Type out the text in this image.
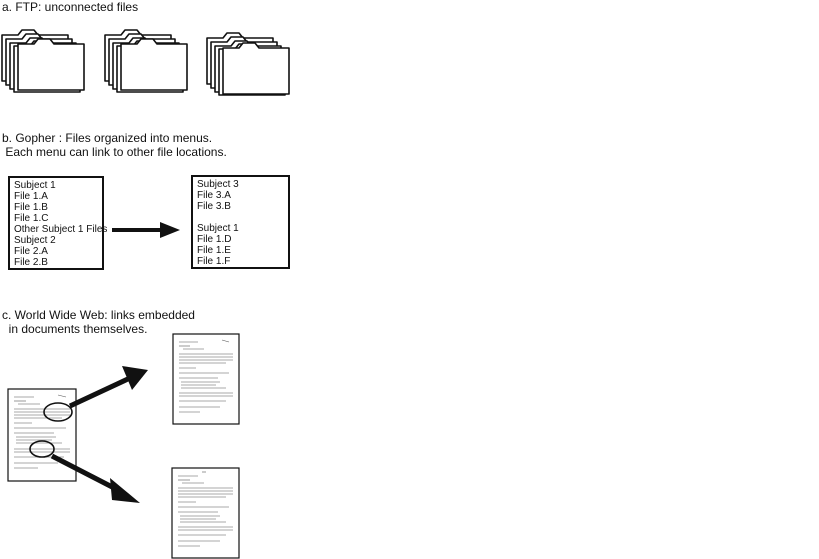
a. FTP: unconnected files
b. Gopher : Files organized into menus.
Each menu can link to other file locations.
c. World Wide Web: links embedded
in documents themselves.
Subject 1
File 1.A
File 1.B
File 1.C
Other Subject 1 Files
Subject 2
File 2.A
File 2.B
Subject 3
File 3.A
File 3.B
Subject 1
File 1.D
File 1.E
File 1.F
